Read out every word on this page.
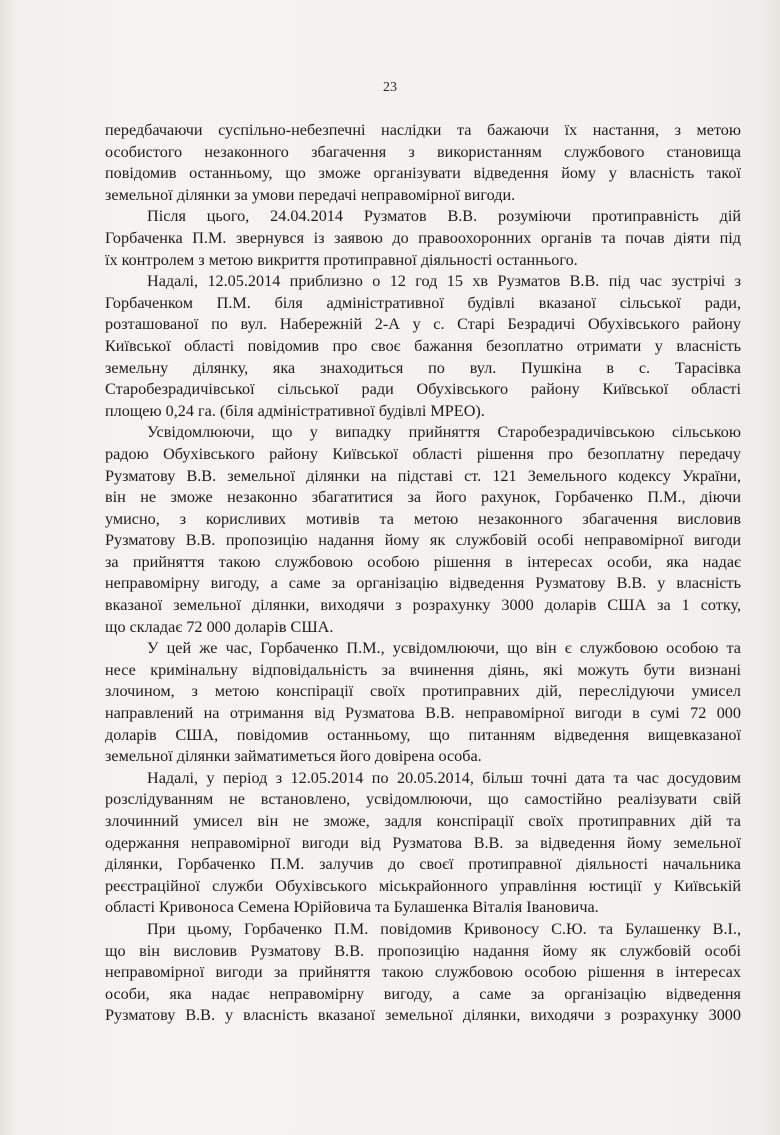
23
передбачаючи суспільно-небезпечні наслідки та бажаючи їх настання, з метою
особистого незаконного збагачення з використанням службового становища
повідомив останньому, що зможе організувати відведення йому у власність такої
земельної ділянки за умови передачі неправомірної вигоди.
Після цього, 24.04.2014 Рузматов В.В. розуміючи протиправність дій
Горбаченка П.М. звернувся із заявою до правоохоронних органів та почав діяти під
їх контролем з метою викриття протиправної діяльності останнього.
Надалі, 12.05.2014 приблизно о 12 год 15 хв Рузматов В.В. під час зустрічі з
Горбаченком П.М. біля адміністративної будівлі вказаної сільської ради,
розташованої по вул. Набережній 2-А у с. Старі Безрадичі Обухівського району
Київської області повідомив про своє бажання безоплатно отримати у власність
земельну ділянку, яка знаходиться по вул. Пушкіна в с. Тарасівка
Старобезрадичівської сільської ради Обухівського району Київської області
площею 0,24 га. (біля адміністративної будівлі МРЕО).
Усвідомлюючи, що у випадку прийняття Старобезрадичівською сільською
радою Обухівського району Київської області рішення про безоплатну передачу
Рузматову В.В. земельної ділянки на підставі ст. 121 Земельного кодексу України,
він не зможе незаконно збагатитися за його рахунок, Горбаченко П.М., діючи
умисно, з корисливих мотивів та метою незаконного збагачення висловив
Рузматову В.В. пропозицію надання йому як службовій особі неправомірної вигоди
за прийняття такою службовою особою рішення в інтересах особи, яка надає
неправомірну вигоду, а саме за організацію відведення Рузматову В.В. у власність
вказаної земельної ділянки, виходячи з розрахунку 3000 доларів США за 1 сотку,
що складає 72 000 доларів США.
У цей же час, Горбаченко П.М., усвідомлюючи, що він є службовою особою та
несе кримінальну відповідальність за вчинення діянь, які можуть бути визнані
злочином, з метою конспірації своїх протиправних дій, переслідуючи умисел
направлений на отримання від Рузматова В.В. неправомірної вигоди в сумі 72 000
доларів США, повідомив останньому, що питанням відведення вищевказаної
земельної ділянки займатиметься його довірена особа.
Надалі, у період з 12.05.2014 по 20.05.2014, більш точні дата та час досудовим
розслідуванням не встановлено, усвідомлюючи, що самостійно реалізувати свій
злочинний умисел він не зможе, задля конспірації своїх протиправних дій та
одержання неправомірної вигоди від Рузматова В.В. за відведення йому земельної
ділянки, Горбаченко П.М. залучив до своєї протиправної діяльності начальника
реєстраційної служби Обухівського міськрайонного управління юстиції у Київській
області Кривоноса Семена Юрійовича та Булашенка Віталія Івановича.
При цьому, Горбаченко П.М. повідомив Кривоносу С.Ю. та Булашенку В.І.,
що він висловив Рузматову В.В. пропозицію надання йому як службовій особі
неправомірної вигоди за прийняття такою службовою особою рішення в інтересах
особи, яка надає неправомірну вигоду, а саме за організацію відведення
Рузматову В.В. у власність вказаної земельної ділянки, виходячи з розрахунку 3000
